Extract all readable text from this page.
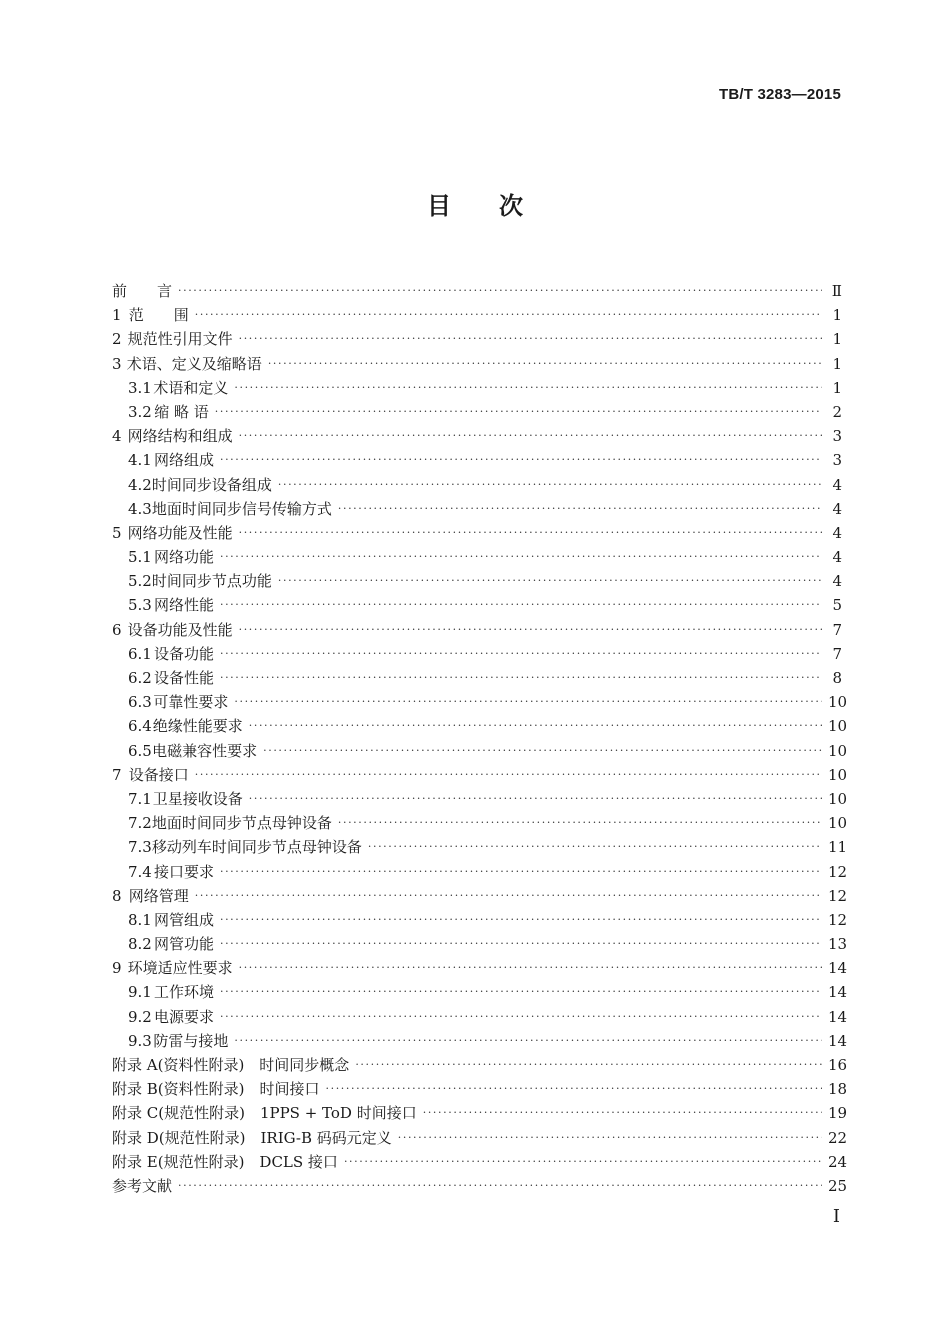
TB/T 3283—2015
目次
前　　言 ·····	Ⅱ
1 范　　围 ·····	1
2 规范性引用文件 ·····	1
3 术语、定义及缩略语 ·····	1
3.1 术语和定义 ·····	1
3.2 缩 略 语 ·····	2
4 网络结构和组成 ·····	3
4.1 网络组成 ·····	3
4.2 时间同步设备组成 ·····	4
4.3 地面时间同步信号传输方式 ·····	4
5 网络功能及性能 ·····	4
5.1 网络功能 ·····	4
5.2 时间同步节点功能 ·····	4
5.3 网络性能 ·····	5
6 设备功能及性能 ·····	7
6.1 设备功能 ·····	7
6.2 设备性能 ·····	8
6.3 可靠性要求 ·····	10
6.4 绝缘性能要求 ·····	10
6.5 电磁兼容性要求 ·····	10
7 设备接口 ·····	10
7.1 卫星接收设备 ·····	10
7.2 地面时间同步节点母钟设备 ·····	10
7.3 移动列车时间同步节点母钟设备 ·····	11
7.4 接口要求 ·····	12
8 网络管理 ·····	12
8.1 网管组成 ·····	12
8.2 网管功能 ·····	13
9 环境适应性要求 ·····	14
9.1 工作环境 ·····	14
9.2 电源要求 ·····	14
9.3 防雷与接地 ·····	14
附录 A(资料性附录)　时间同步概念 ·····	16
附录 B(资料性附录)　时间接口 ·····	18
附录 C(规范性附录)　1PPS + ToD 时间接口 ·····	19
附录 D(规范性附录)　IRIG-B 码码元定义 ·····	22
附录 E(规范性附录)　DCLS 接口 ·····	24
参考文献 ·····	25
I
